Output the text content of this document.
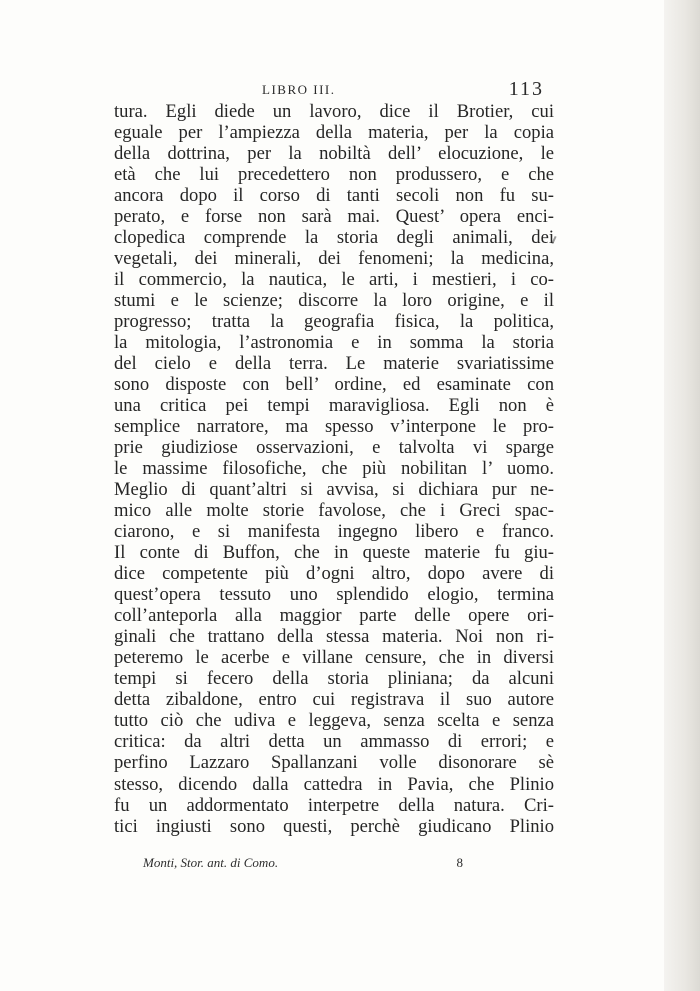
LIBRO III.	113
tura. Egli diede un lavoro, dice il Brotier, cui
eguale per l’ampiezza della materia, per la copia
della dottrina, per la nobiltà dell’ elocuzione, le
età che lui precedettero non produssero, e che
ancora dopo il corso di tanti secoli non fu su-
perato, e forse non sarà mai. Quest’ opera enci-
clopedica comprende la storia degli animali, dei
vegetali, dei minerali, dei fenomeni; la medicina,
il commercio, la nautica, le arti, i mestieri, i co-
stumi e le scienze; discorre la loro origine, e il
progresso; tratta la geografia fisica, la politica,
la mitologia, l’astronomia e in somma la storia
del cielo e della terra. Le materie svariatissime
sono disposte con bell’ ordine, ed esaminate con
una critica pei tempi maravigliosa. Egli non è
semplice narratore, ma spesso v’interpone le pro-
prie giudiziose osservazioni, e talvolta vi sparge
le massime filosofiche, che più nobilitan l’ uomo.
Meglio di quant’altri si avvisa, si dichiara pur ne-
mico alle molte storie favolose, che i Greci spac-
ciarono, e si manifesta ingegno libero e franco.
Il conte di Buffon, che in queste materie fu giu-
dice competente più d’ogni altro, dopo avere di
quest’opera tessuto uno splendido elogio, termina
coll’anteporla alla maggior parte delle opere ori-
ginali che trattano della stessa materia. Noi non ri-
peteremo le acerbe e villane censure, che in diversi
tempi si fecero della storia pliniana; da alcuni
detta zibaldone, entro cui registrava il suo autore
tutto ciò che udiva e leggeva, senza scelta e senza
critica: da altri detta un ammasso di errori; e
perfino Lazzaro Spallanzani volle disonorare sè
stesso, dicendo dalla cattedra in Pavia, che Plinio
fu un addormentato interpetre della natura. Cri-
tici ingiusti sono questi, perchè giudicano Plinio
Monti, Stor. ant. di Como.	8
